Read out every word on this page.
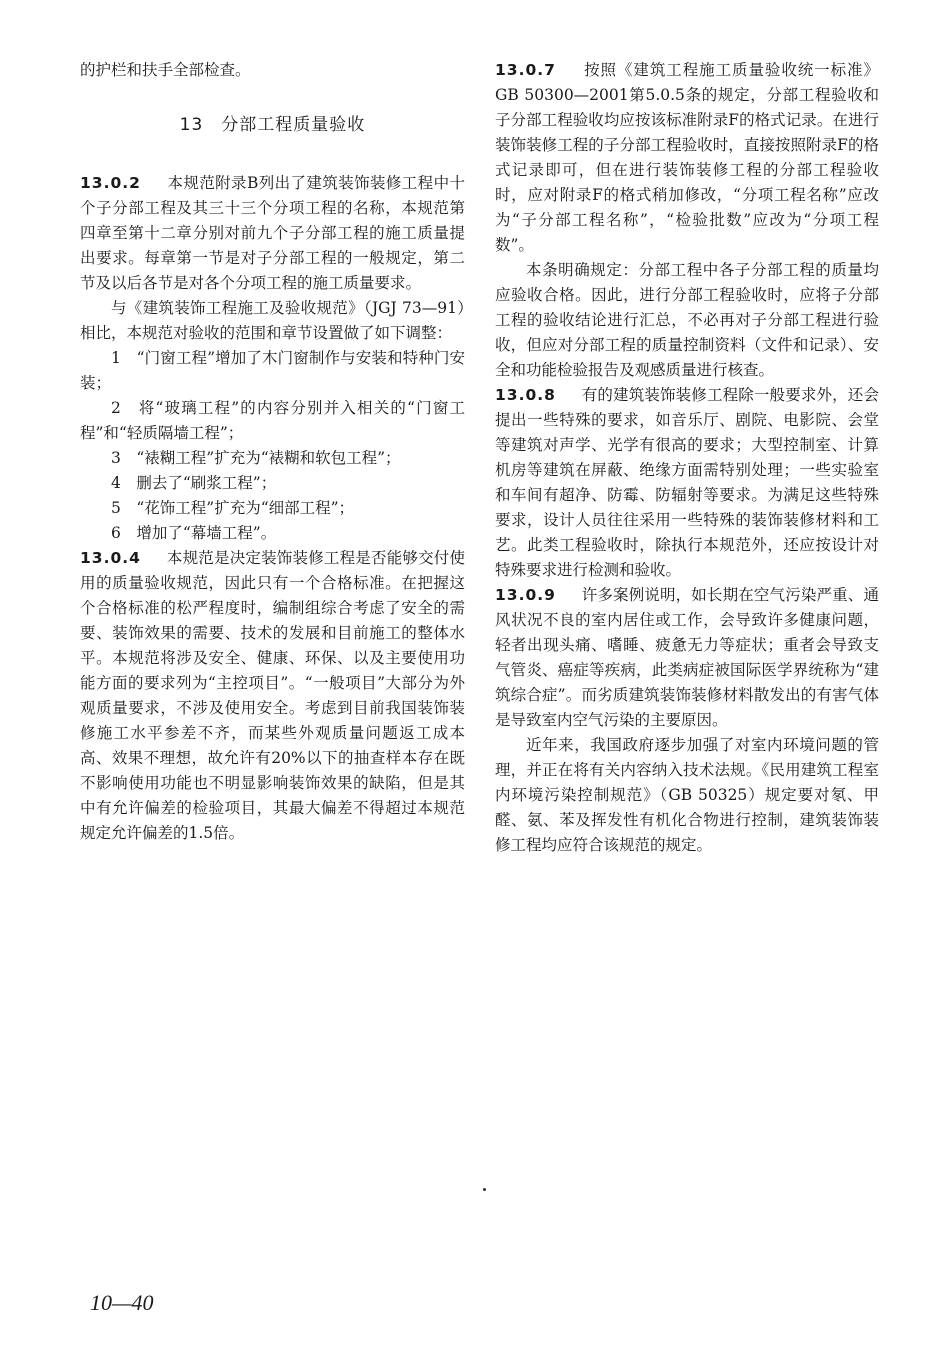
的护栏和扶手全部检查。

13　分部工程质量验收

13.0.2 　 本规范附录B列出了建筑装饰装修工程中十个子分部工程及其三十三个分项工程的名称，本规范第四章至第十二章分别对前九个子分部工程的施工质量提出要求。每章第一节是对子分部工程的一般规定，第二节及以后各节是对各个分项工程的施工质量要求。

与《建筑装饰工程施工及验收规范》（JGJ 73—91）相比，本规范对验收的范围和章节设置做了如下调整：

1　“门窗工程”增加了木门窗制作与安装和特种门安装；

2　将“玻璃工程”的内容分别并入相关的“门窗工程”和“轻质隔墙工程”；

3　“裱糊工程”扩充为“裱糊和软包工程”；

4　删去了“刷浆工程”；

5　“花饰工程”扩充为“细部工程”；

6　增加了“幕墙工程”。

13.0.4 　 本规范是决定装饰装修工程是否能够交付使用的质量验收规范，因此只有一个合格标准。在把握这个合格标准的松严程度时，编制组综合考虑了安全的需要、装饰效果的需要、技术的发展和目前施工的整体水平。本规范将涉及安全、健康、环保、以及主要使用功能方面的要求列为“主控项目”。“一般项目”大部分为外观质量要求，不涉及使用安全。考虑到目前我国装饰装修施工水平参差不齐，而某些外观质量问题返工成本高、效果不理想，故允许有20%以下的抽查样本存在既不影响使用功能也不明显影响装饰效果的缺陷，但是其中有允许偏差的检验项目，其最大偏差不得超过本规范规定允许偏差的1.5倍。

13.0.7 　 按照《建筑工程施工质量验收统一标准》GB 50300—2001第5.0.5条的规定，分部工程验收和子分部工程验收均应按该标准附录F的格式记录。在进行装饰装修工程的子分部工程验收时，直接按照附录F的格式记录即可，但在进行装饰装修工程的分部工程验收时，应对附录F的格式稍加修改，“分项工程名称”应改为“子分部工程名称”，“检验批数”应改为“分项工程数”。

本条明确规定：分部工程中各子分部工程的质量均应验收合格。因此，进行分部工程验收时，应将子分部工程的验收结论进行汇总，不必再对子分部工程进行验收，但应对分部工程的质量控制资料（文件和记录）、安全和功能检验报告及观感质量进行核查。

13.0.8 　 有的建筑装饰装修工程除一般要求外，还会提出一些特殊的要求，如音乐厅、剧院、电影院、会堂等建筑对声学、光学有很高的要求；大型控制室、计算机房等建筑在屏蔽、绝缘方面需特别处理；一些实验室和车间有超净、防霉、防辐射等要求。为满足这些特殊要求，设计人员往往采用一些特殊的装饰装修材料和工艺。此类工程验收时，除执行本规范外，还应按设计对特殊要求进行检测和验收。

13.0.9 　 许多案例说明，如长期在空气污染严重、通风状况不良的室内居住或工作，会导致许多健康问题，轻者出现头痛、嗜睡、疲惫无力等症状；重者会导致支气管炎、癌症等疾病，此类病症被国际医学界统称为“建筑综合症”。而劣质建筑装饰装修材料散发出的有害气体是导致室内空气污染的主要原因。

近年来，我国政府逐步加强了对室内环境问题的管理，并正在将有关内容纳入技术法规。《民用建筑工程室内环境污染控制规范》（GB 50325）规定要对氡、甲醛、氨、苯及挥发性有机化合物进行控制，建筑装饰装修工程均应符合该规范的规定。

10—40
